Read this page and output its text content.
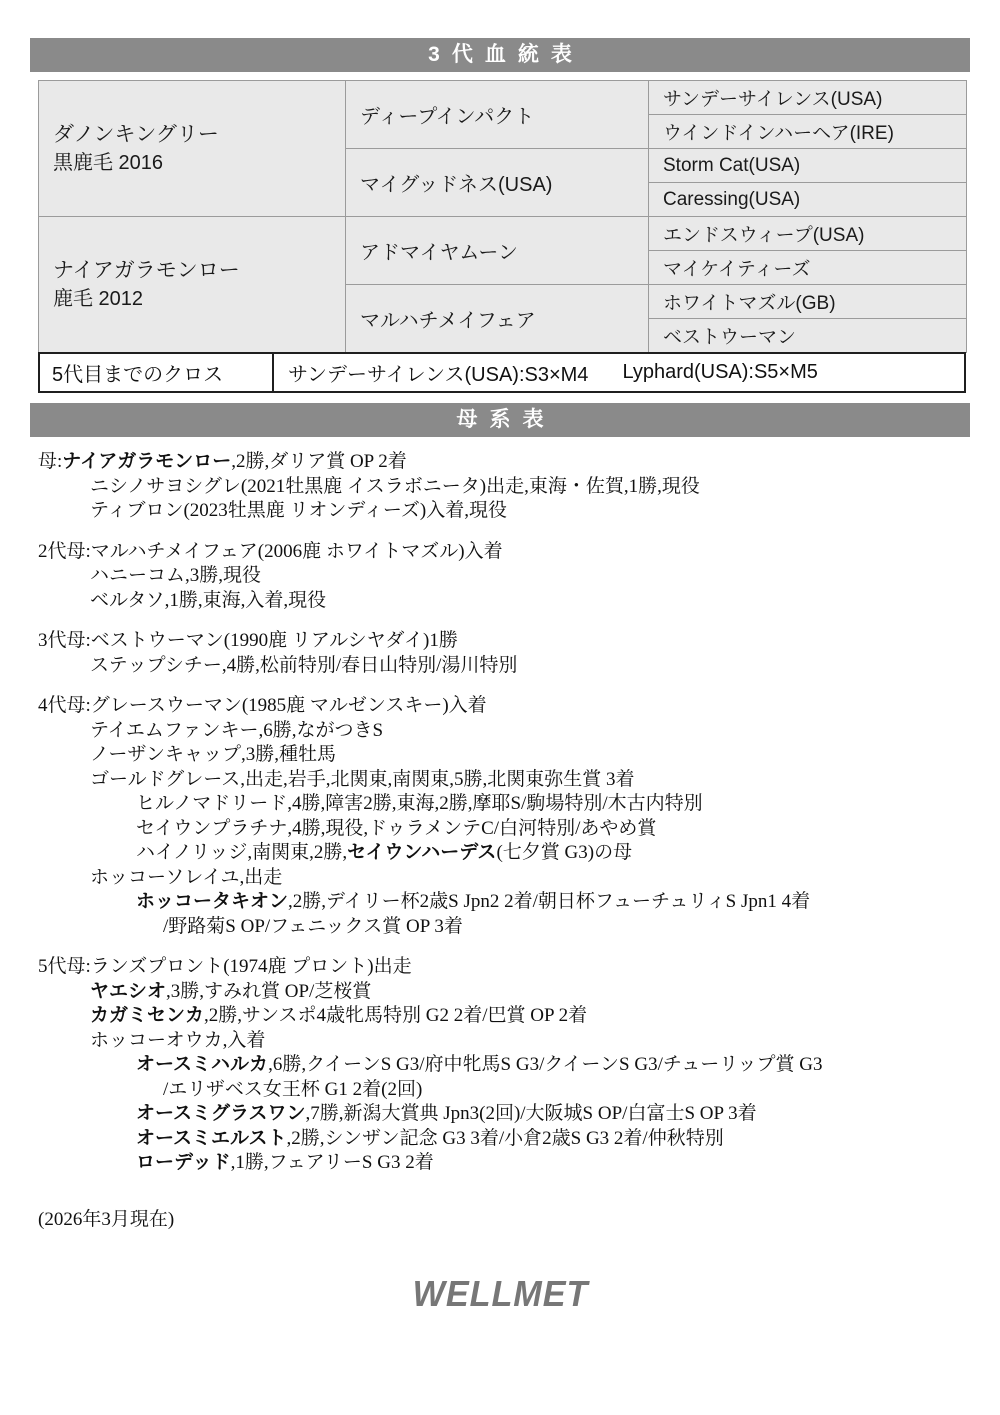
3代血統表
ダノンキングリー
黒鹿毛 2016	ディープインパクト	サンデーサイレンス(USA)
		ウインドインハーヘア(IRE)
	マイグッドネス(USA)	Storm Cat(USA)
		Caressing(USA)

ナイアガラモンロー
鹿毛 2012	アドマイヤムーン	エンドスウィープ(USA)
		マイケイティーズ
	マルハチメイフェア	ホワイトマズル(GB)
		ベストウーマン
5代目までのクロス	サンデーサイレンス(USA):S3×M4 Lyphard(USA):S5×M5
母系表
母:ナイアガラモンロー,2勝,ダリア賞 OP 2着
ニシノサヨシグレ(2021牡黒鹿 イスラボニータ)出走,東海・佐賀,1勝,現役
ティブロン(2023牡黒鹿 リオンディーズ)入着,現役
2代母:マルハチメイフェア(2006鹿 ホワイトマズル)入着
ハニーコム,3勝,現役
ベルタソ,1勝,東海,入着,現役
3代母:ベストウーマン(1990鹿 リアルシヤダイ)1勝
ステップシチー,4勝,松前特別/春日山特別/湯川特別
4代母:グレースウーマン(1985鹿 マルゼンスキー)入着
テイエムファンキー,6勝,ながつきS
ノーザンキャップ,3勝,種牡馬
ゴールドグレース,出走,岩手,北関東,南関東,5勝,北関東弥生賞 3着
ヒルノマドリード,4勝,障害2勝,東海,2勝,摩耶S/駒場特別/木古内特別
セイウンプラチナ,4勝,現役,ドゥラメンテC/白河特別/あやめ賞
ハイノリッジ,南関東,2勝,セイウンハーデス(七夕賞 G3)の母
ホッコーソレイユ,出走
ホッコータキオン,2勝,デイリー杯2歳S Jpn2 2着/朝日杯フューチュリィS Jpn1 4着
/野路菊S OP/フェニックス賞 OP 3着
5代母:ランズプロント(1974鹿 プロント)出走
ヤエシオ,3勝,すみれ賞 OP/芝桜賞
カガミセンカ,2勝,サンスポ4歳牝馬特別 G2 2着/巴賞 OP 2着
ホッコーオウカ,入着
オースミハルカ,6勝,クイーンS G3/府中牝馬S G3/クイーンS G3/チューリップ賞 G3
/エリザベス女王杯 G1 2着(2回)
オースミグラスワン,7勝,新潟大賞典 Jpn3(2回)/大阪城S OP/白富士S OP 3着
オースミエルスト,2勝,シンザン記念 G3 3着/小倉2歳S G3 2着/仲秋特別
ローデッド,1勝,フェアリーS G3 2着
(2026年3月現在)
WELLMET
